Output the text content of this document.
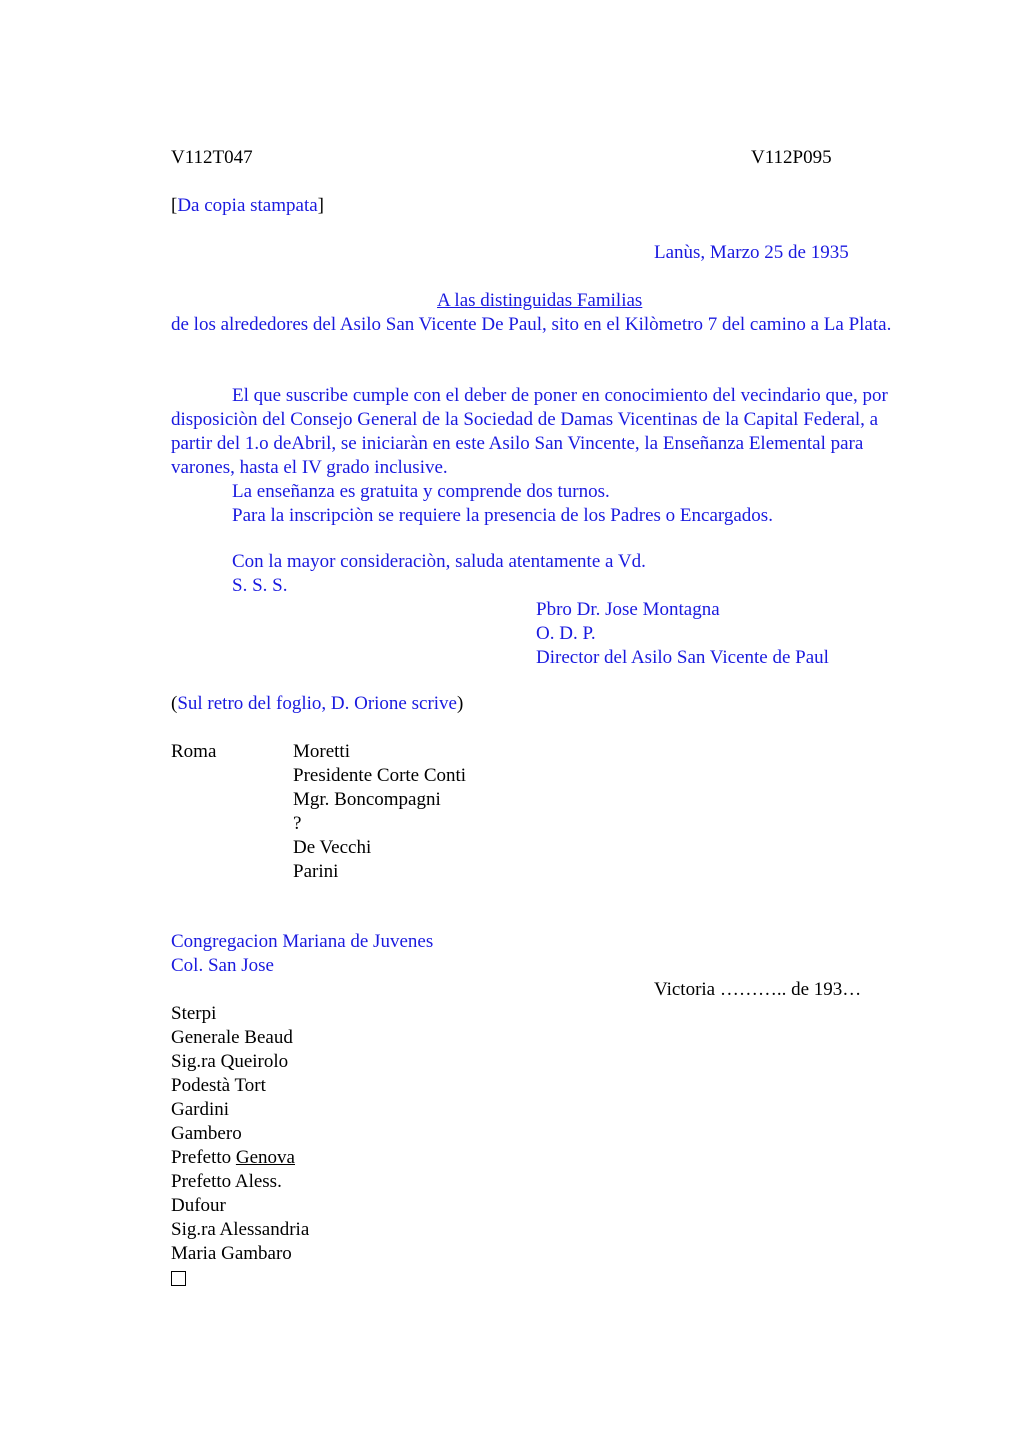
V112T047	V112P095
[Da copia stampata]
Lanùs, Marzo 25 de 1935
A las distinguidas Familias
de los alrededores del Asilo San Vicente De Paul, sito en el Kilòmetro 7 del camino a La Plata.

El que suscribe cumple con el deber de poner en conocimiento del vecindario que, por disposiciòn del Consejo General de la Sociedad de Damas Vicentinas de la Capital Federal, a partir del 1.o deAbril, se iniciaràn en este Asilo San Vincente, la Enseñanza Elemental para varones, hasta el IV grado inclusive.

La enseñanza es gratuita y comprende dos turnos.
Para la inscripciòn se requiere la presencia de los Padres o Encargados.
Con la mayor consideraciòn, saluda atentamente a Vd.
S. S. S.
Pbro Dr. Jose Montagna
O. D. P.
Director del Asilo San Vicente de Paul
(Sul retro del foglio, D. Orione scrive)
Roma	Moretti
Presidente Corte Conti
Mgr. Boncompagni
?
De Vecchi
Parini
Congregacion Mariana de Juvenes
Col. San Jose
Victoria ……….. de 193…
Sterpi
Generale Beaud
Sig.ra Queirolo
Podestà Tort
Gardini
Gambero
Prefetto Genova
Prefetto Aless.
Dufour
Sig.ra Alessandria
Maria Gambaro
